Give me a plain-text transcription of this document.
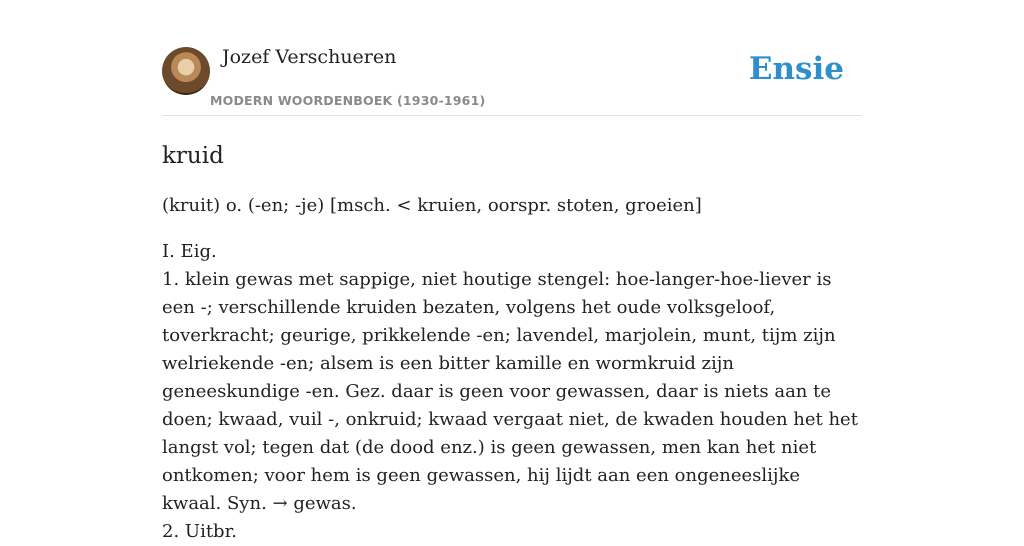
Jozef Verschueren
MODERN WOORDENBOEK (1930-1961)
Ensie
kruid
(kruit) o. (-en; -je) [msch. < kruien, oorspr. stoten, groeien]

I. Eig.

1. klein gewas met sappige, niet houtige stengel: hoe-langer-hoe-liever is een -; verschillende kruiden bezaten, volgens het oude volksgeloof, toverkracht; geurige, prikkelende -en; lavendel, marjolein, munt, tijm zijn welriekende -en; alsem is een bitter kamille en wormkruid zijn geneeskundige -en. Gez. daar is geen voor gewassen, daar is niets aan te doen; kwaad, vuil -, onkruid; kwaad vergaat niet, de kwaden houden het het langst vol; tegen dat (de dood enz.) is geen gewassen, men kan het niet ontkomen; voor hem is geen gewassen, hij lijdt aan een ongeneeslijke kwaal. Syn. → gewas.

2. Uitbr.
